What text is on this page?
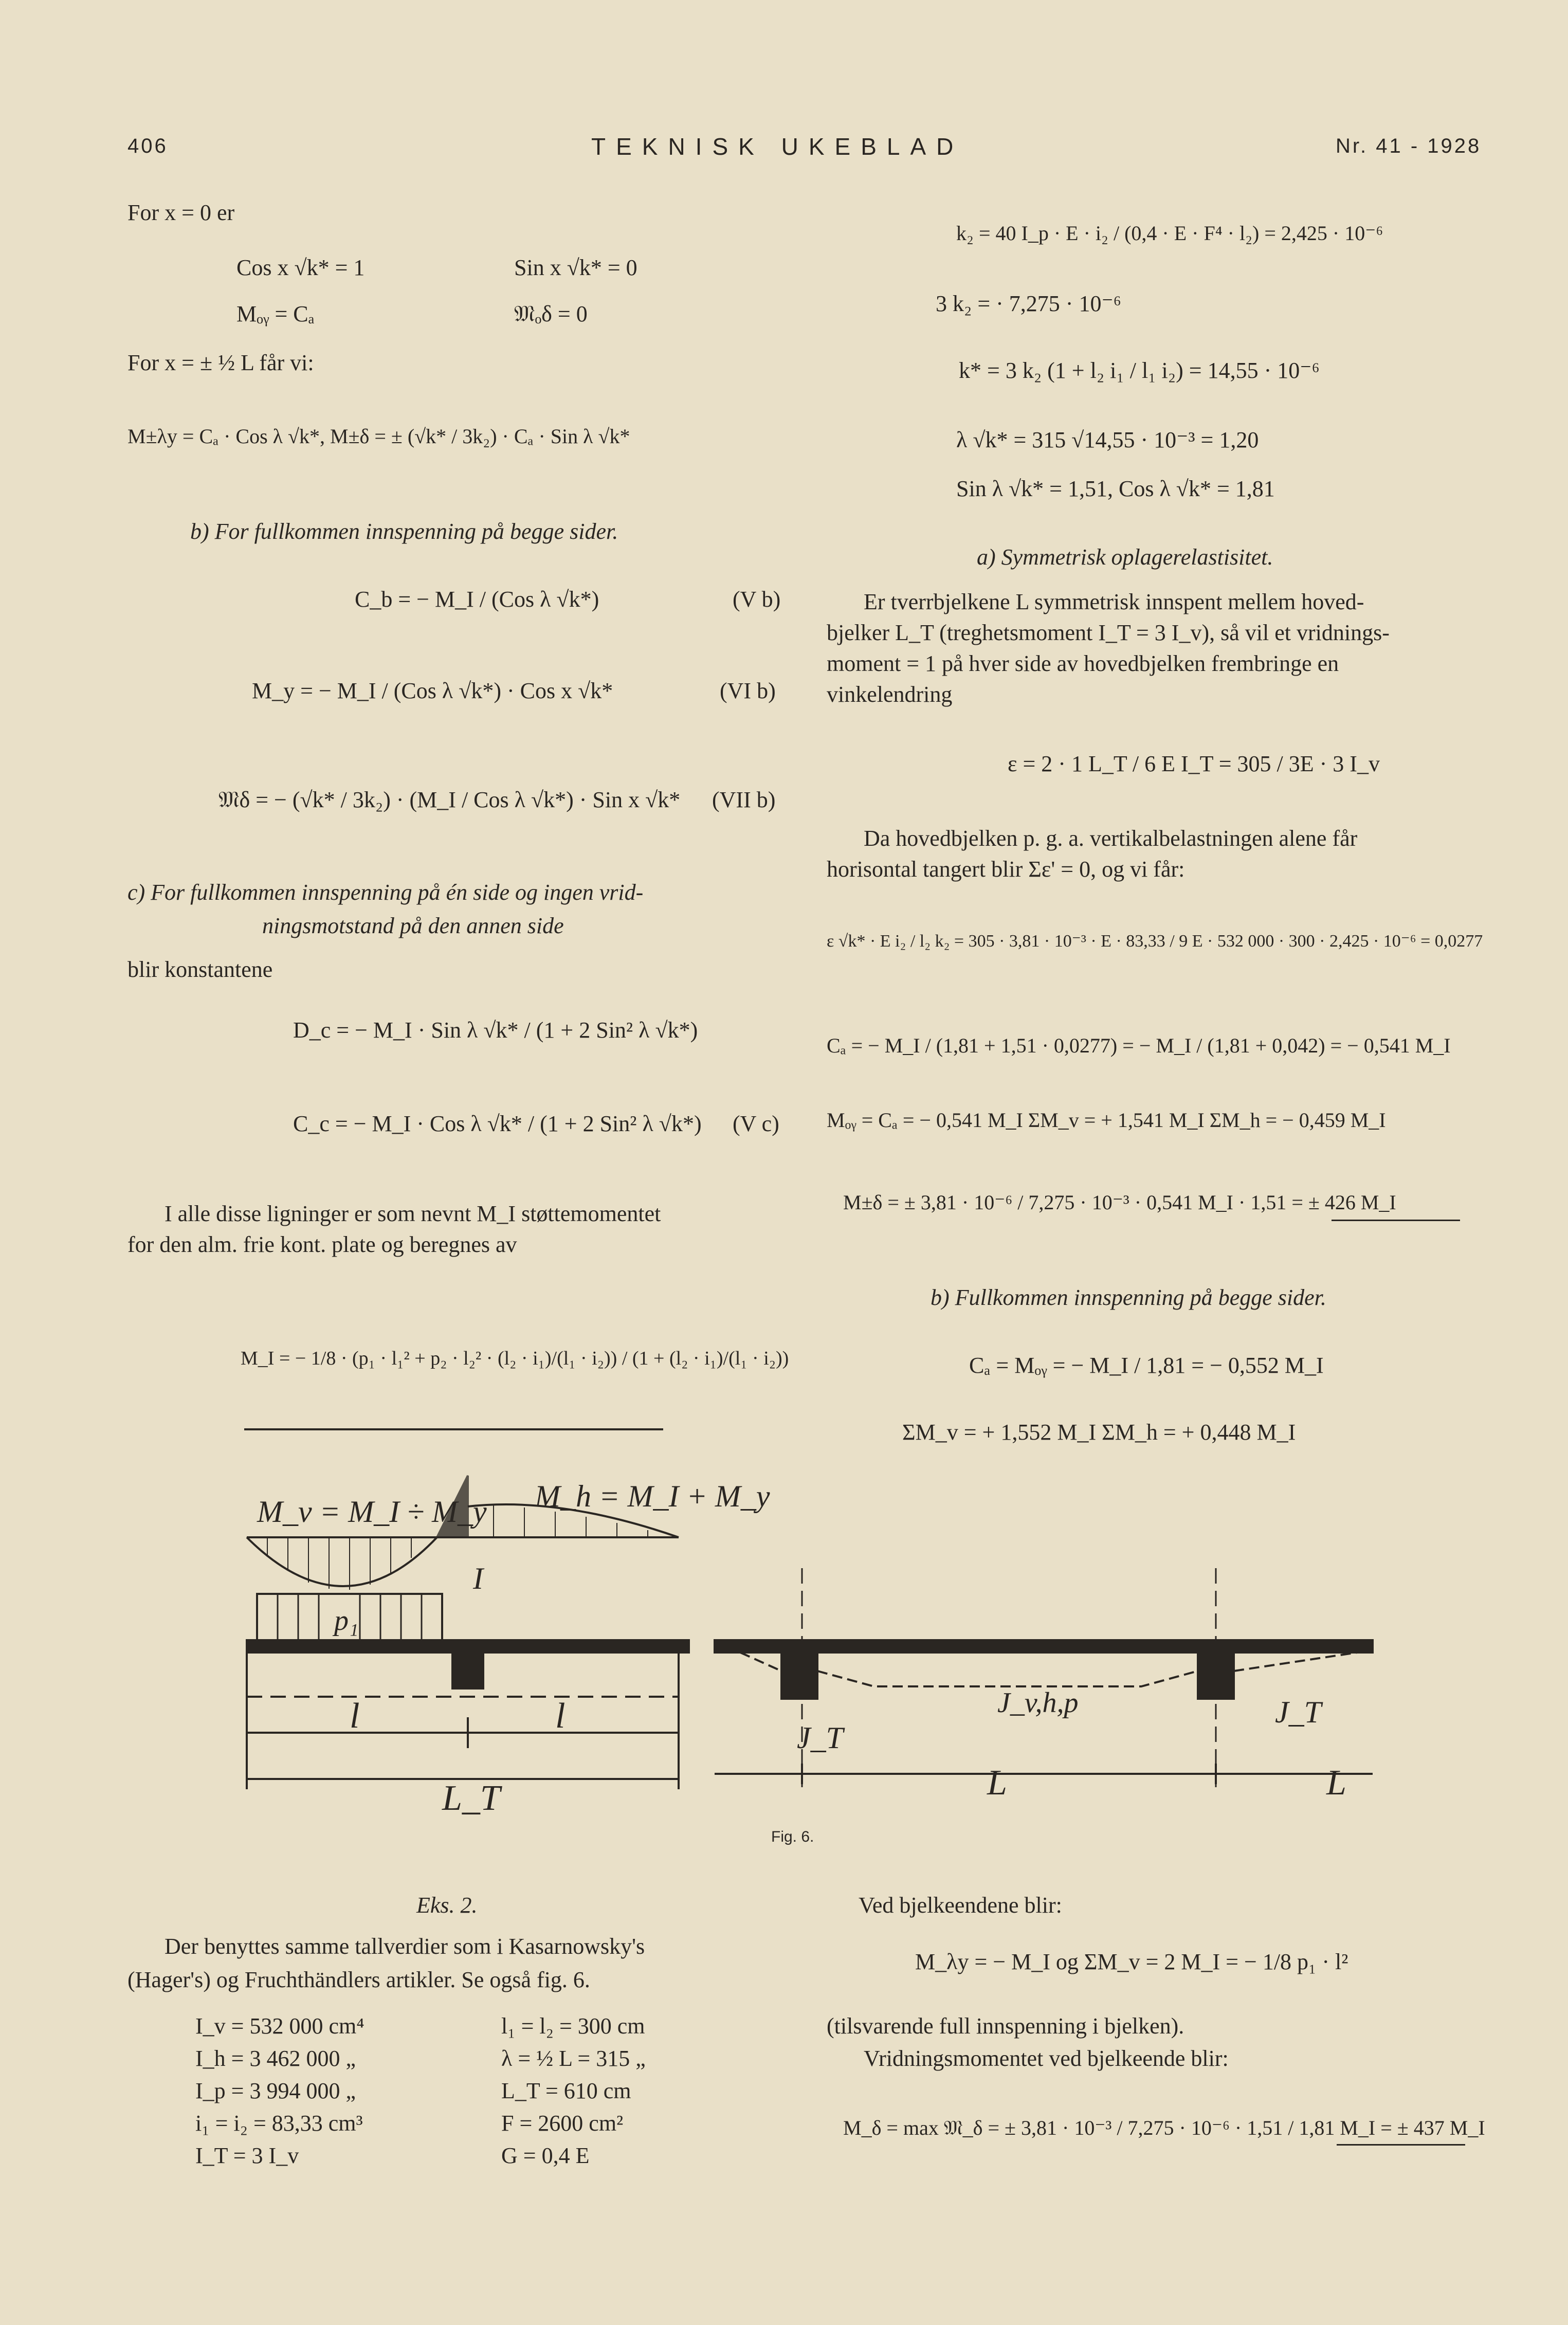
406	TEKNISK UKEBLAD	Nr. 41 - 1928
For x = 0 er
Cos x √k* = 1	Sin x √k* = 0
Mₒᵧ = Cₐ	𝔐ₒδ = 0
For x = ± ½ L får vi:
M±λy = Cₐ · Cos λ √k*, M±δ = ± (√k* / 3k₂) · Cₐ · Sin λ √k*
b) For fullkommen innspenning på begge sider.
C_b = − M_I / (Cos λ √k*)	(V b)
M_y = − M_I / (Cos λ √k*) · Cos x √k*	(VI b)
𝔐δ = − (√k* / 3k₂) · (M_I / Cos λ √k*) · Sin x √k* (VII b)
c) For fullkommen innspenning på én side og ingen vrid-
ningsmotstand på den annen side
blir konstantene
D_c = − M_I · Sin λ √k* / (1 + 2 Sin² λ √k*)
C_c = − M_I · Cos λ √k* / (1 + 2 Sin² λ √k*) (V c)
I alle disse ligninger er som nevnt M_I støttemomentet
for den alm. frie kont. plate og beregnes av
M_I = − 1/8 · (p₁ · l₁² + p₂ · l₂² · (l₂ · i₁)/(l₁ · i₂)) / (1 + (l₂ · i₁)/(l₁ · i₂))
k₂ = 40 I_p · E · i₂ / (0,4 · E · F⁴ · l₂) = 2,425 · 10⁻⁶
3 k₂ = · 7,275 · 10⁻⁶
k* = 3 k₂ (1 + l₂ i₁ / l₁ i₂) = 14,55 · 10⁻⁶
λ √k* = 315 √14,55 · 10⁻³ = 1,20
Sin λ √k* = 1,51, Cos λ √k* = 1,81
a) Symmetrisk oplagerelastisitet.
Er tverrbjelkene L symmetrisk innspent mellem hoved-
bjelker L_T (treghetsmoment I_T = 3 I_v), så vil et vridnings-
moment = 1 på hver side av hovedbjelken frembringe en
vinkelendring
ε = 2 · 1 L_T / 6 E I_T = 305 / 3E · 3 I_v
Da hovedbjelken p. g. a. vertikalbelastningen alene får
horisontal tangert blir Σε' = 0, og vi får:
ε √k* · E i₂ / l₂ k₂ = 305 · 3,81 · 10⁻³ · E · 83,33 / 9 E · 532 000 · 300 · 2,425 · 10⁻⁶ = 0,0277
Cₐ = − M_I / (1,81 + 1,51 · 0,0277) = − M_I / (1,81 + 0,042) = − 0,541 M_I
Mₒᵧ = Cₐ = − 0,541 M_I ΣM_v = + 1,541 M_I ΣM_h = − 0,459 M_I
M±δ = ± 3,81 · 10⁻⁶ / 7,275 · 10⁻³ · 0,541 M_I · 1,51 = ± 426 M_I
b) Fullkommen innspenning på begge sider.
Cₐ = Mₒᵧ = − M_I / 1,81 = − 0,552 M_I
ΣM_v = + 1,552 M_I ΣM_h = + 0,448 M_I
M_v = M_I ÷ M_y M_h = M_I + M_y
I
p₁
l	l
L_T
J_T
J_T
J_v,h,p
L	L
Fig. 6.
Eks. 2.
Der benyttes samme tallverdier som i Kasarnowsky's
(Hager's) og Fruchthändlers artikler. Se også fig. 6.
I_v = 532 000 cm⁴	l₁ = l₂ = 300 cm
I_h = 3 462 000 „	λ = ½ L = 315 „
I_p = 3 994 000 „	L_T = 610 cm
i₁ = i₂ = 83,33 cm³	F = 2600 cm²
I_T = 3 I_v	G = 0,4 E
Ved bjelkeendene blir:
M_λy = − M_I og ΣM_v = 2 M_I = − 1/8 p₁ · l²
(tilsvarende full innspenning i bjelken).
Vridningsmomentet ved bjelkeende blir:
M_δ = max 𝔐_δ = ± 3,81 · 10⁻³ / 7,275 · 10⁻⁶ · 1,51 / 1,81 M_I = ± 437 M_I
